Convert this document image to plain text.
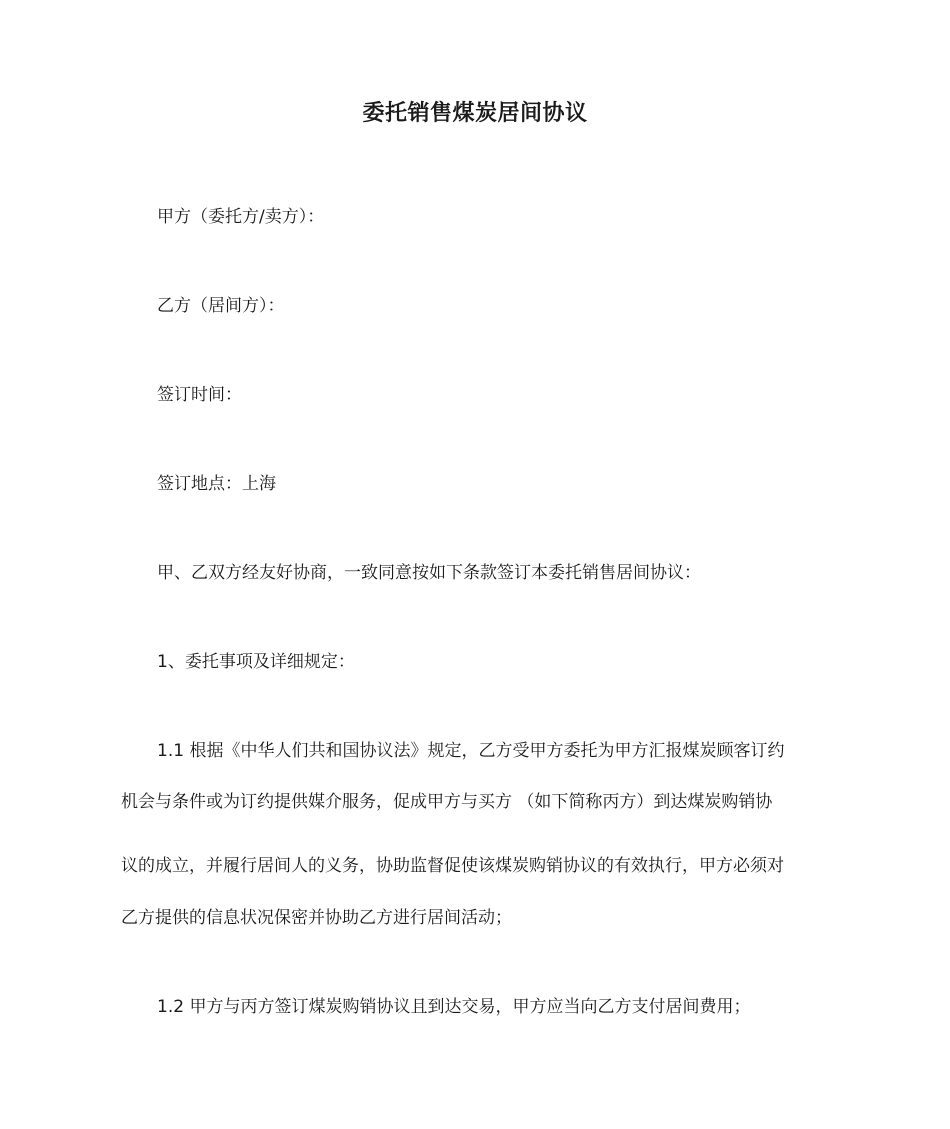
委托销售煤炭居间协议

甲方（委托方/卖方）：

乙方（居间方）：

签订时间：

签订地点：上海

甲、乙双方经友好协商，一致同意按如下条款签订本委托销售居间协议：

1、委托事项及详细规定：

1.1 根据《中华人们共和国协议法》规定，乙方受甲方委托为甲方汇报煤炭顾客订约

机会与条件或为订约提供媒介服务，促成甲方与买方 （如下简称丙方）到达煤炭购销协

议的成立，并履行居间人的义务，协助监督促使该煤炭购销协议的有效执行，甲方必须对

乙方提供的信息状况保密并协助乙方进行居间活动；

1.2 甲方与丙方签订煤炭购销协议且到达交易，甲方应当向乙方支付居间费用；
